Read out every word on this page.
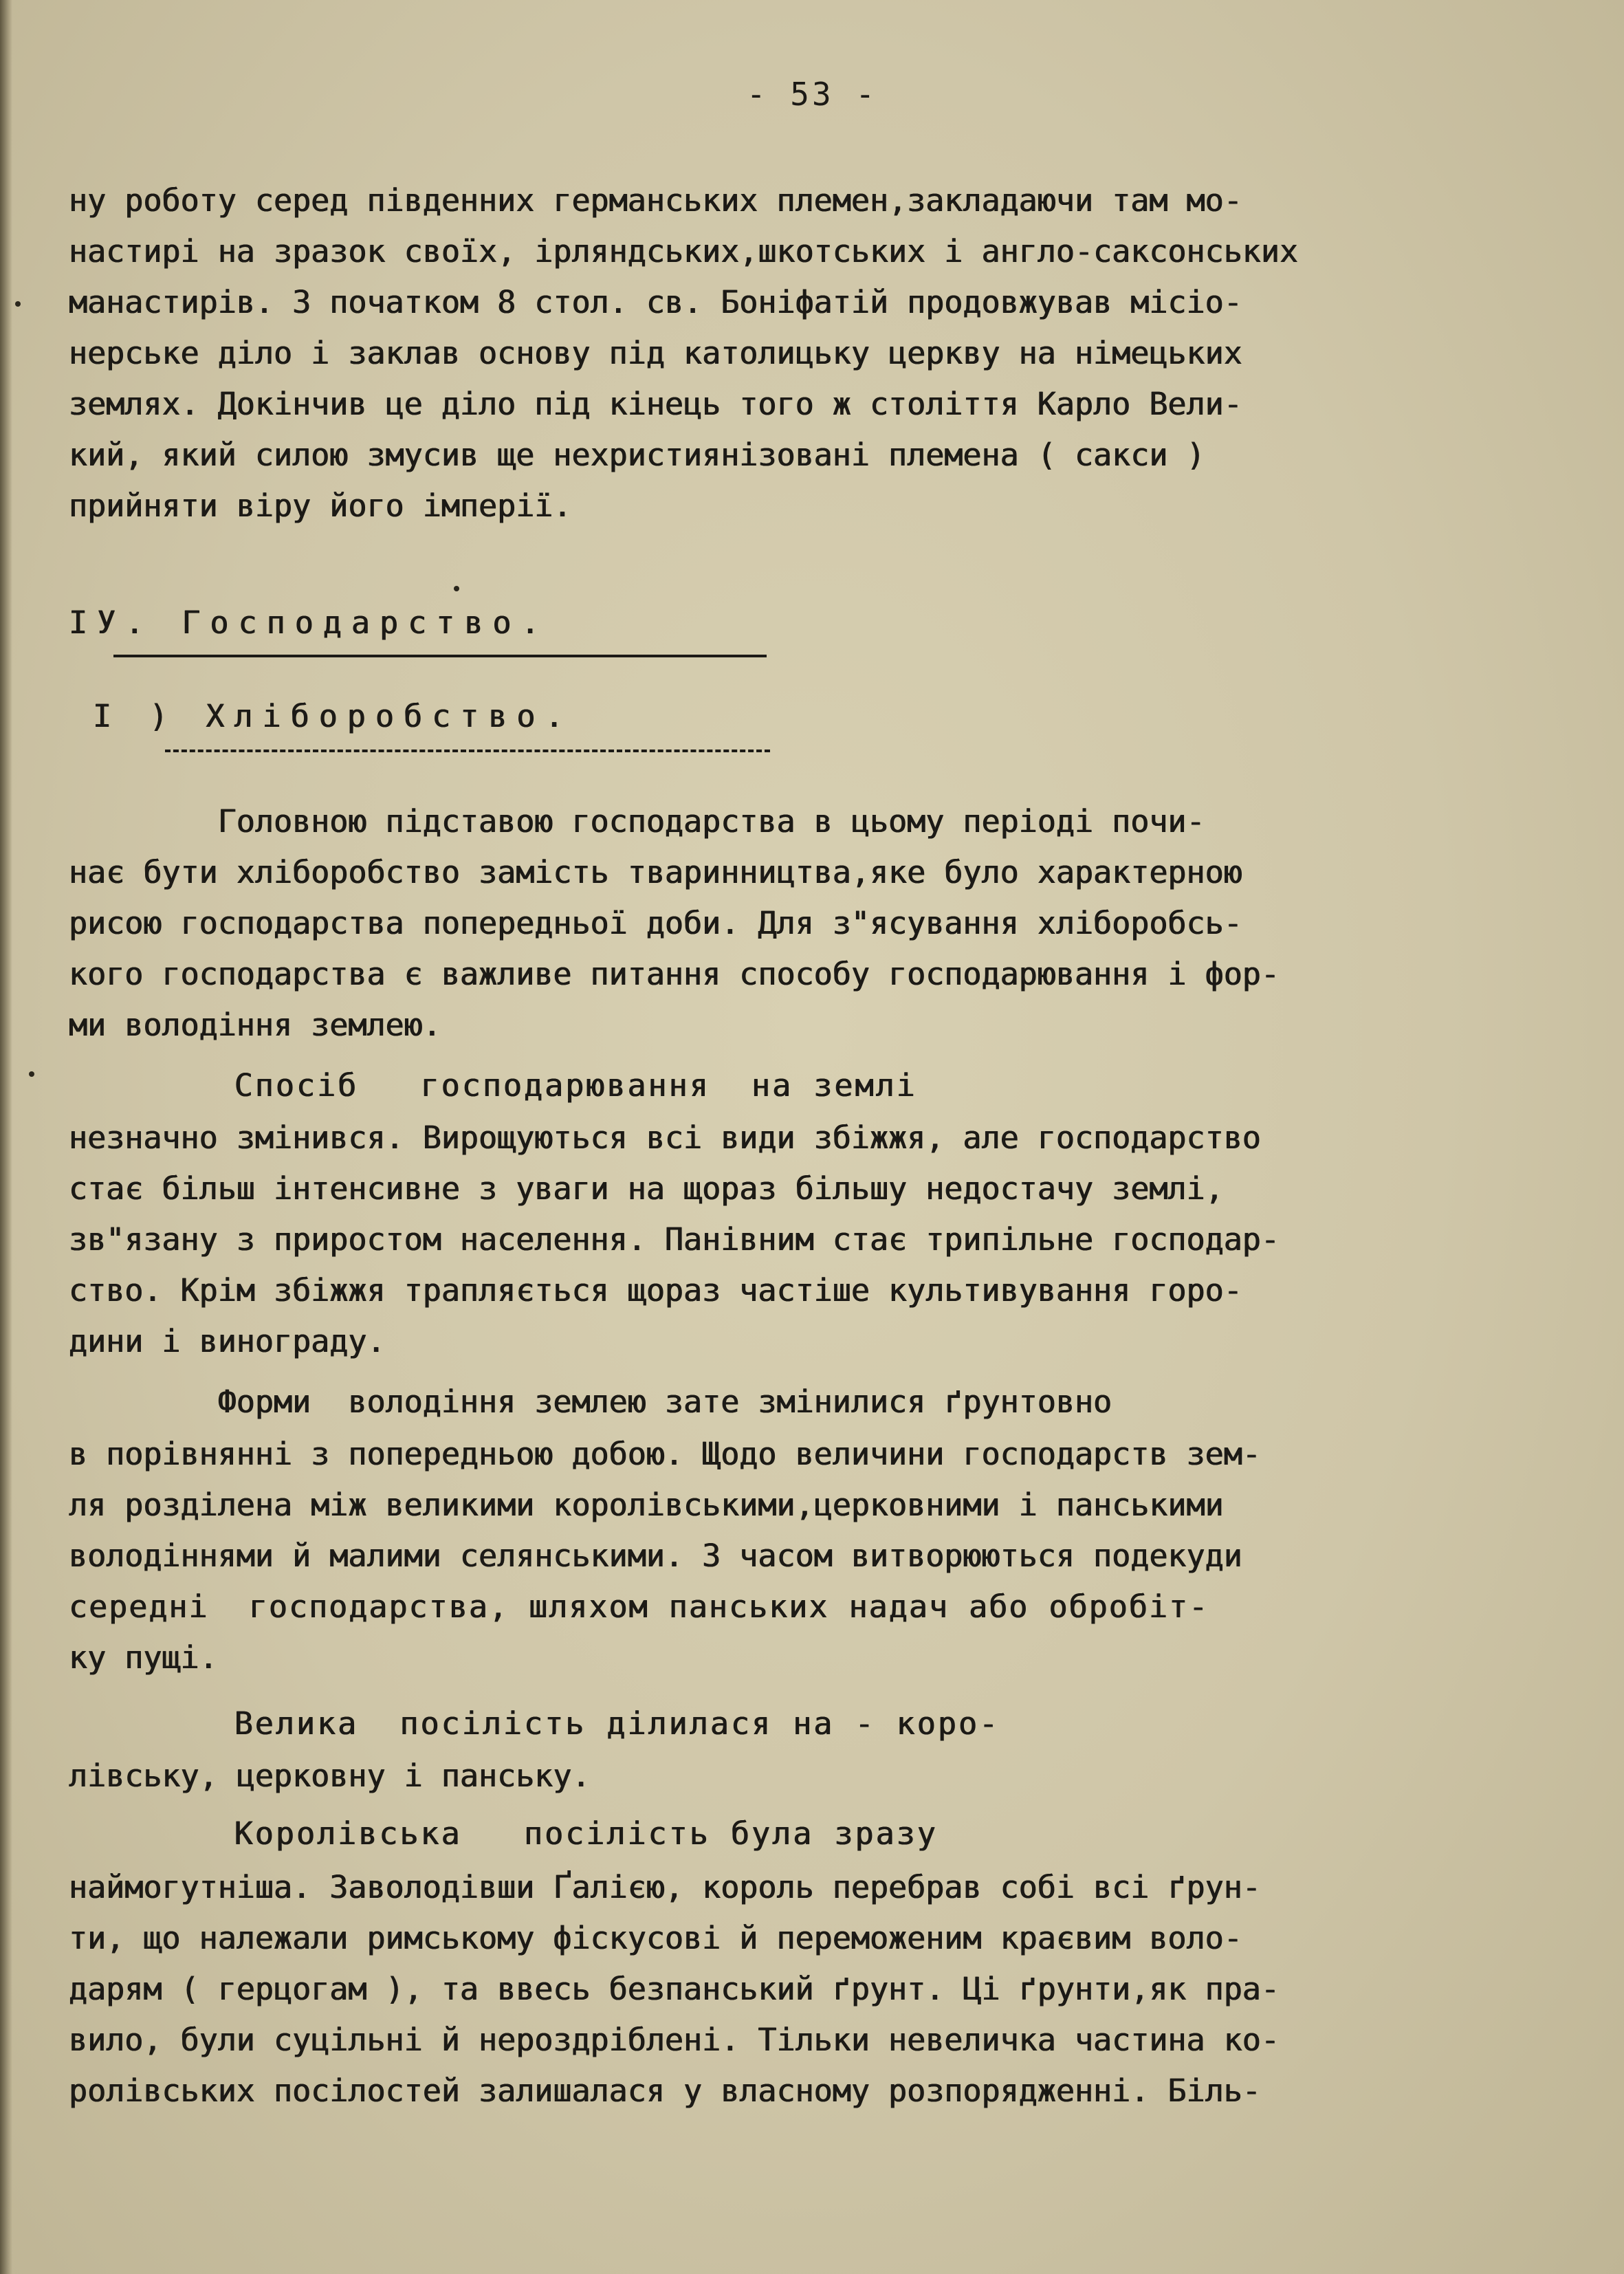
- 53 -
ну роботу серед південних германських племен,закладаючи там мо-
настирі на зразок своїх, ірляндських,шкотських і англо-саксонських
манастирів. З початком 8 стол. св. Боніфатій продовжував місіо-
нерське діло і заклав основу під католицьку церкву на німецьких
землях. Докінчив це діло під кінець того ж століття Карло Вели-
кий, який силою змусив ще нехристиянізовані племена ( сакси )
прийняти віру його імперії.
ІУ. Господарство.
І ) Хліборобство.
Головною підставою господарства в цьому періоді почи-
нає бути хліборобство замість тваринництва,яке було характерною
рисою господарства попередньої доби. Для з"ясування хліборобсь-
кого господарства є важливе питання способу господарювання і фор-
ми володіння землею.
Спосіб   господарювання  на землі
незначно змінився. Вирощуються всі види збіжжя, але господарство
стає більш інтенсивне з уваги на щораз більшу недостачу землі,
зв"язану з приростом населення. Панівним стає трипільне господар-
ство. Крім збіжжя трапляється щораз частіше культивування горо-
дини і винограду.
Форми  володіння землею зате змінилися ґрунтовно
в порівнянні з попередньою добою. Щодо величини господарств зем-
ля розділена між великими королівськими,церковними і панськими
володіннями й малими селянськими. З часом витворюються подекуди
середні  господарства, шляхом панських надач або обробіт-
ку пущі.
Велика  посілість ділилася на - коро-
лівську, церковну і панську.
Королівська   посілість була зразу
наймогутніша. Заволодівши Ґалією, король перебрав собі всі ґрун-
ти, що належали римському фіскусові й переможеним краєвим воло-
дарям ( герцогам ), та ввесь безпанський ґрунт. Ці ґрунти,як пра-
вило, були суцільні й нероздріблені. Тільки невеличка частина ко-
ролівських посілостей залишалася у власному розпорядженні. Біль-
